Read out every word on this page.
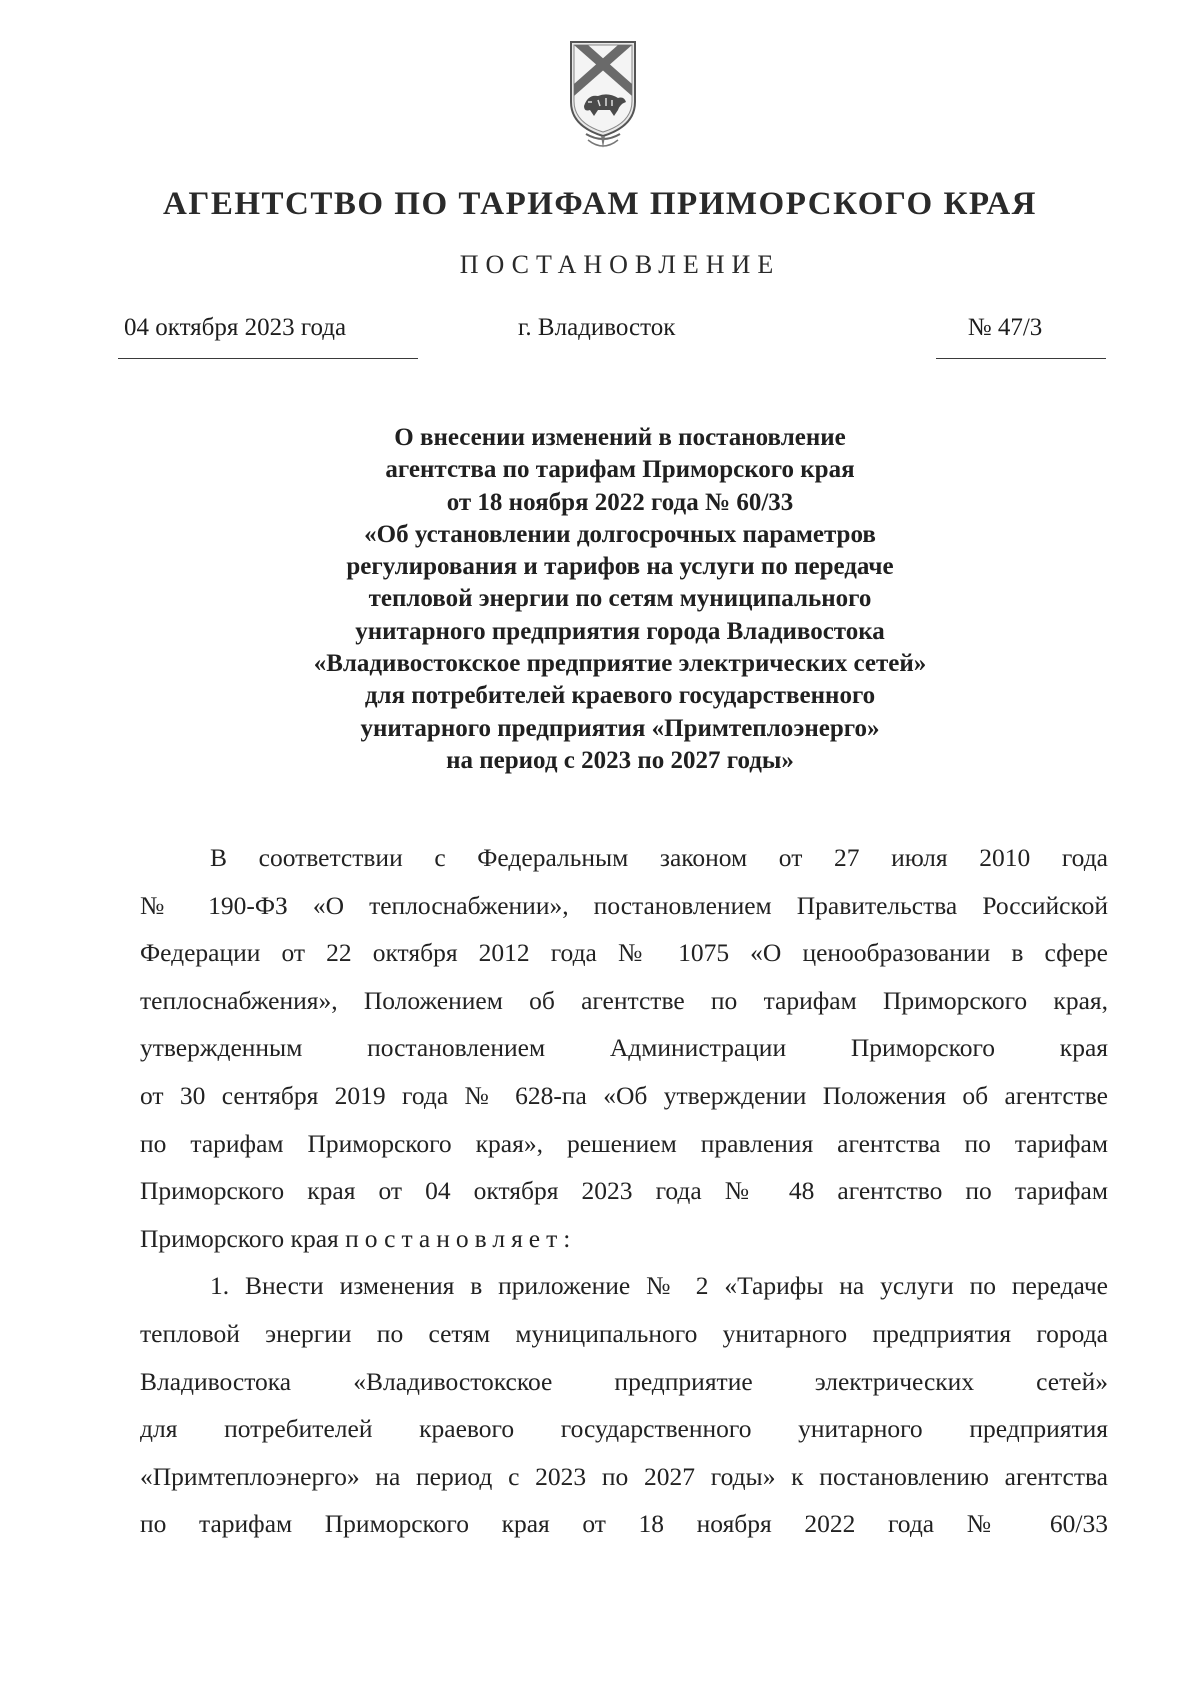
АГЕНТСТВО ПО ТАРИФАМ ПРИМОРСКОГО КРАЯ
ПОСТАНОВЛЕНИЕ
04 октября 2023 года	г. Владивосток	№ 47/3
О внесении изменений в постановление
агентства по тарифам Приморского края
от 18 ноября 2022 года № 60/33
«Об установлении долгосрочных параметров
регулирования и тарифов на услуги по передаче
тепловой энергии по сетям муниципального
унитарного предприятия города Владивостока
«Владивостокское предприятие электрических сетей»
для потребителей краевого государственного
унитарного предприятия «Примтеплоэнерго»
на период с 2023 по 2027 годы»
В соответствии с Федеральным законом от 27 июля 2010 года
№ 190-ФЗ «О теплоснабжении», постановлением Правительства Российской
Федерации от 22 октября 2012 года № 1075 «О ценообразовании в сфере
теплоснабжения», Положением об агентстве по тарифам Приморского края,
утвержденным постановлением Администрации Приморского края
от 30 сентября 2019 года № 628-па «Об утверждении Положения об агентстве
по тарифам Приморского края», решением правления агентства по тарифам
Приморского края от 04 октября 2023 года № 48 агентство по тарифам
Приморского края постановляет:
1. Внести изменения в приложение № 2 «Тарифы на услуги по передаче
тепловой энергии по сетям муниципального унитарного предприятия города
Владивостока «Владивостокское предприятие электрических сетей»
для потребителей краевого государственного унитарного предприятия
«Примтеплоэнерго» на период с 2023 по 2027 годы» к постановлению агентства
по тарифам Приморского края от 18 ноября 2022 года № 60/33
